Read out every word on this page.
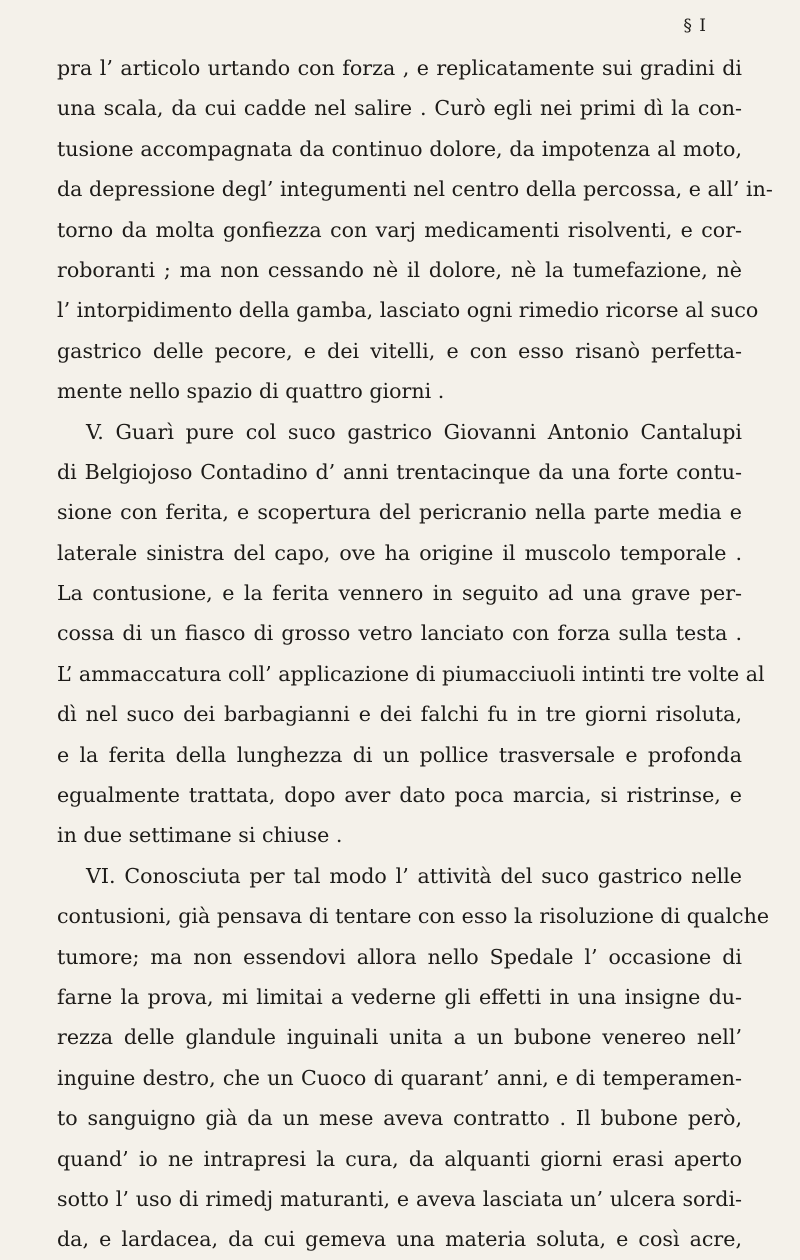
§ I
pra l’ articolo urtando con forza , e replicatamente sui gradini di
una scala, da cui cadde nel salire . Curò egli nei primi dì la con-
tusione accompagnata da continuo dolore, da impotenza al moto,
da depressione degl’ integumenti nel centro della percossa, e all’ in-
torno da molta gonfiezza con varj medicamenti risolventi, e cor-
roboranti ; ma non cessando nè il dolore, nè la tumefazione, nè
l’ intorpidimento della gamba, lasciato ogni rimedio ricorse al suco
gastrico delle pecore, e dei vitelli, e con esso risanò perfetta-
mente nello spazio di quattro giorni .
V. Guarì pure col suco gastrico Giovanni Antonio Cantalupi
di Belgiojoso Contadino d’ anni trentacinque da una forte contu-
sione con ferita, e scopertura del pericranio nella parte media e
laterale sinistra del capo, ove ha origine il muscolo temporale .
La contusione, e la ferita vennero in seguito ad una grave per-
cossa di un fiasco di grosso vetro lanciato con forza sulla testa .
L’ ammaccatura coll’ applicazione di piumacciuoli intinti tre volte al
dì nel suco dei barbagianni e dei falchi fu in tre giorni risoluta,
e la ferita della lunghezza di un pollice trasversale e profonda
egualmente trattata, dopo aver dato poca marcia, si ristrinse, e
in due settimane si chiuse .
VI. Conosciuta per tal modo l’ attività del suco gastrico nelle
contusioni, già pensava di tentare con esso la risoluzione di qualche
tumore; ma non essendovi allora nello Spedale l’ occasione di
farne la prova, mi limitai a vederne gli effetti in una insigne du-
rezza delle glandule inguinali unita a un bubone venereo nell’
inguine destro, che un Cuoco di quarant’ anni, e di temperamen-
to sanguigno già da un mese aveva contratto . Il bubone però,
quand’ io ne intrapresi la cura, da alquanti giorni erasi aperto
sotto l’ uso di rimedj maturanti, e aveva lasciata un’ ulcera sordi-
da, e lardacea, da cui gemeva una materia soluta, e così acre,
